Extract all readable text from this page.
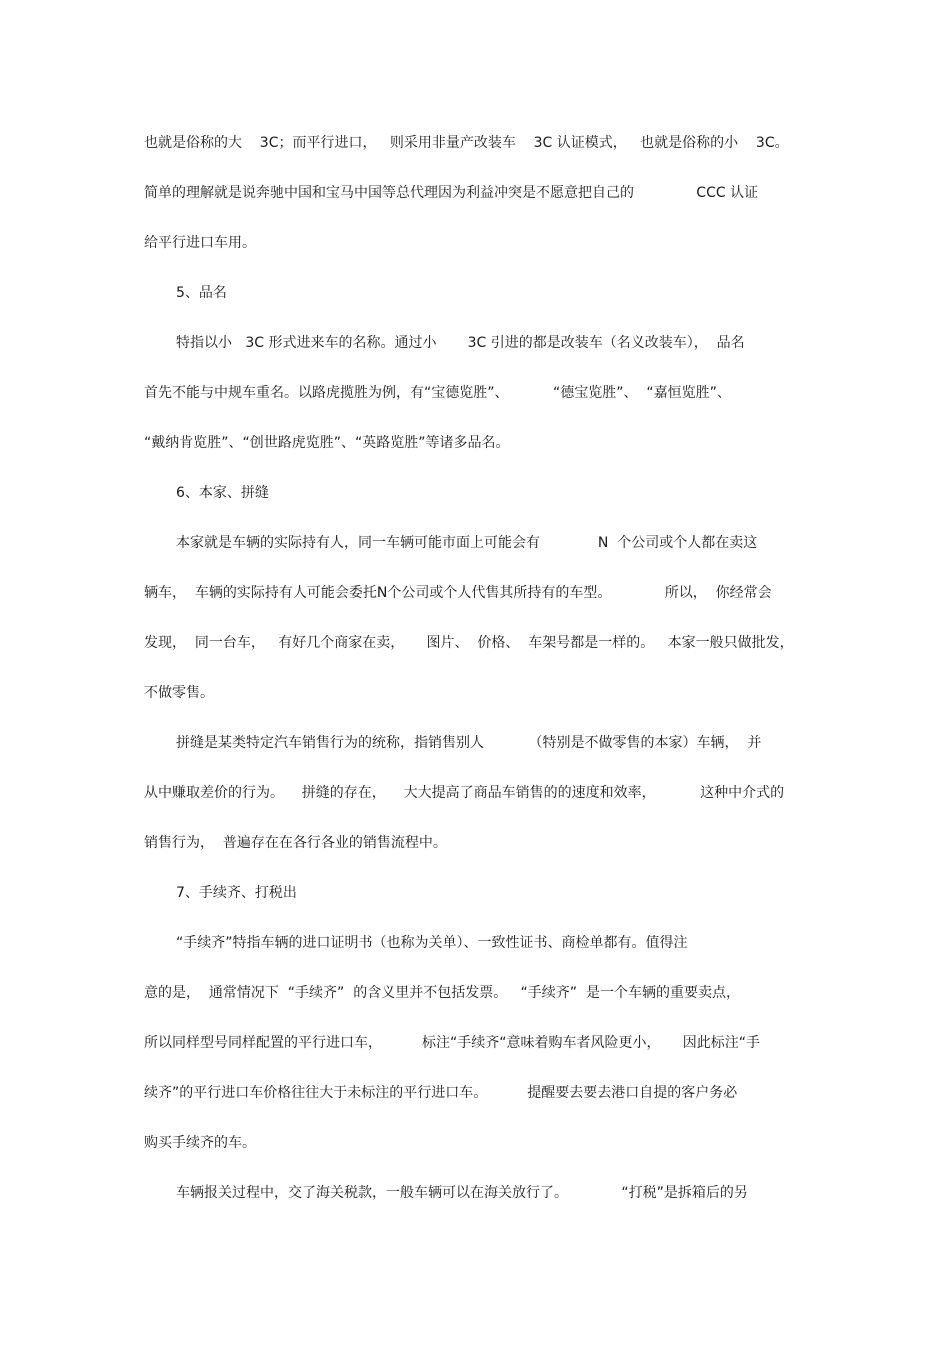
也就是俗称的大    3C；而平行进口，   则采用非量产改装车    3C 认证模式，   也就是俗称的小    3C。
简单的理解就是说奔驰中国和宝马中国等总代理因为利益冲突是不愿意把自己的              CCC 认证
给平行进口车用。
5、品名
特指以小   3C 形式进来车的名称。通过小       3C 引进的都是改装车（名义改装车），  品名
首先不能与中规车重名。以路虎揽胜为例，有“宝德览胜”、          “德宝览胜”、  “嘉恒览胜”、
“戴纳肯览胜”、“创世路虎览胜”、“英路览胜”等诸多品名。
6、本家、拼缝
本家就是车辆的实际持有人，同一车辆可能市面上可能会有             N  个公司或个人都在卖这
辆车，  车辆的实际持有人可能会委托N个公司或个人代售其所持有的车型。            所以，  你经常会
发现，  同一台车，   有好几个商家在卖，     图片、  价格、  车架号都是一样的。   本家一般只做批发，
不做零售。
拼缝是某类特定汽车销售行为的统称，指销售别人          （特别是不做零售的本家）车辆，  并
从中赚取差价的行为。    拼缝的存在，    大大提高了商品车销售的的速度和效率，          这种中介式的
销售行为，  普遍存在在各行各业的销售流程中。
7、手续齐、打税出
“手续齐”特指车辆的进口证明书（也称为关单）、一致性证书、商检单都有。值得注
意的是，  通常情况下  “手续齐”  的含义里并不包括发票。   “手续齐”  是一个车辆的重要卖点，
所以同样型号同样配置的平行进口车，         标注“手续齐“意味着购车者风险更小，     因此标注“手
续齐”的平行进口车价格往往大于未标注的平行进口车。         提醒要去要去港口自提的客户务必
购买手续齐的车。
车辆报关过程中，交了海关税款，一般车辆可以在海关放行了。            “打税”是拆箱后的另
